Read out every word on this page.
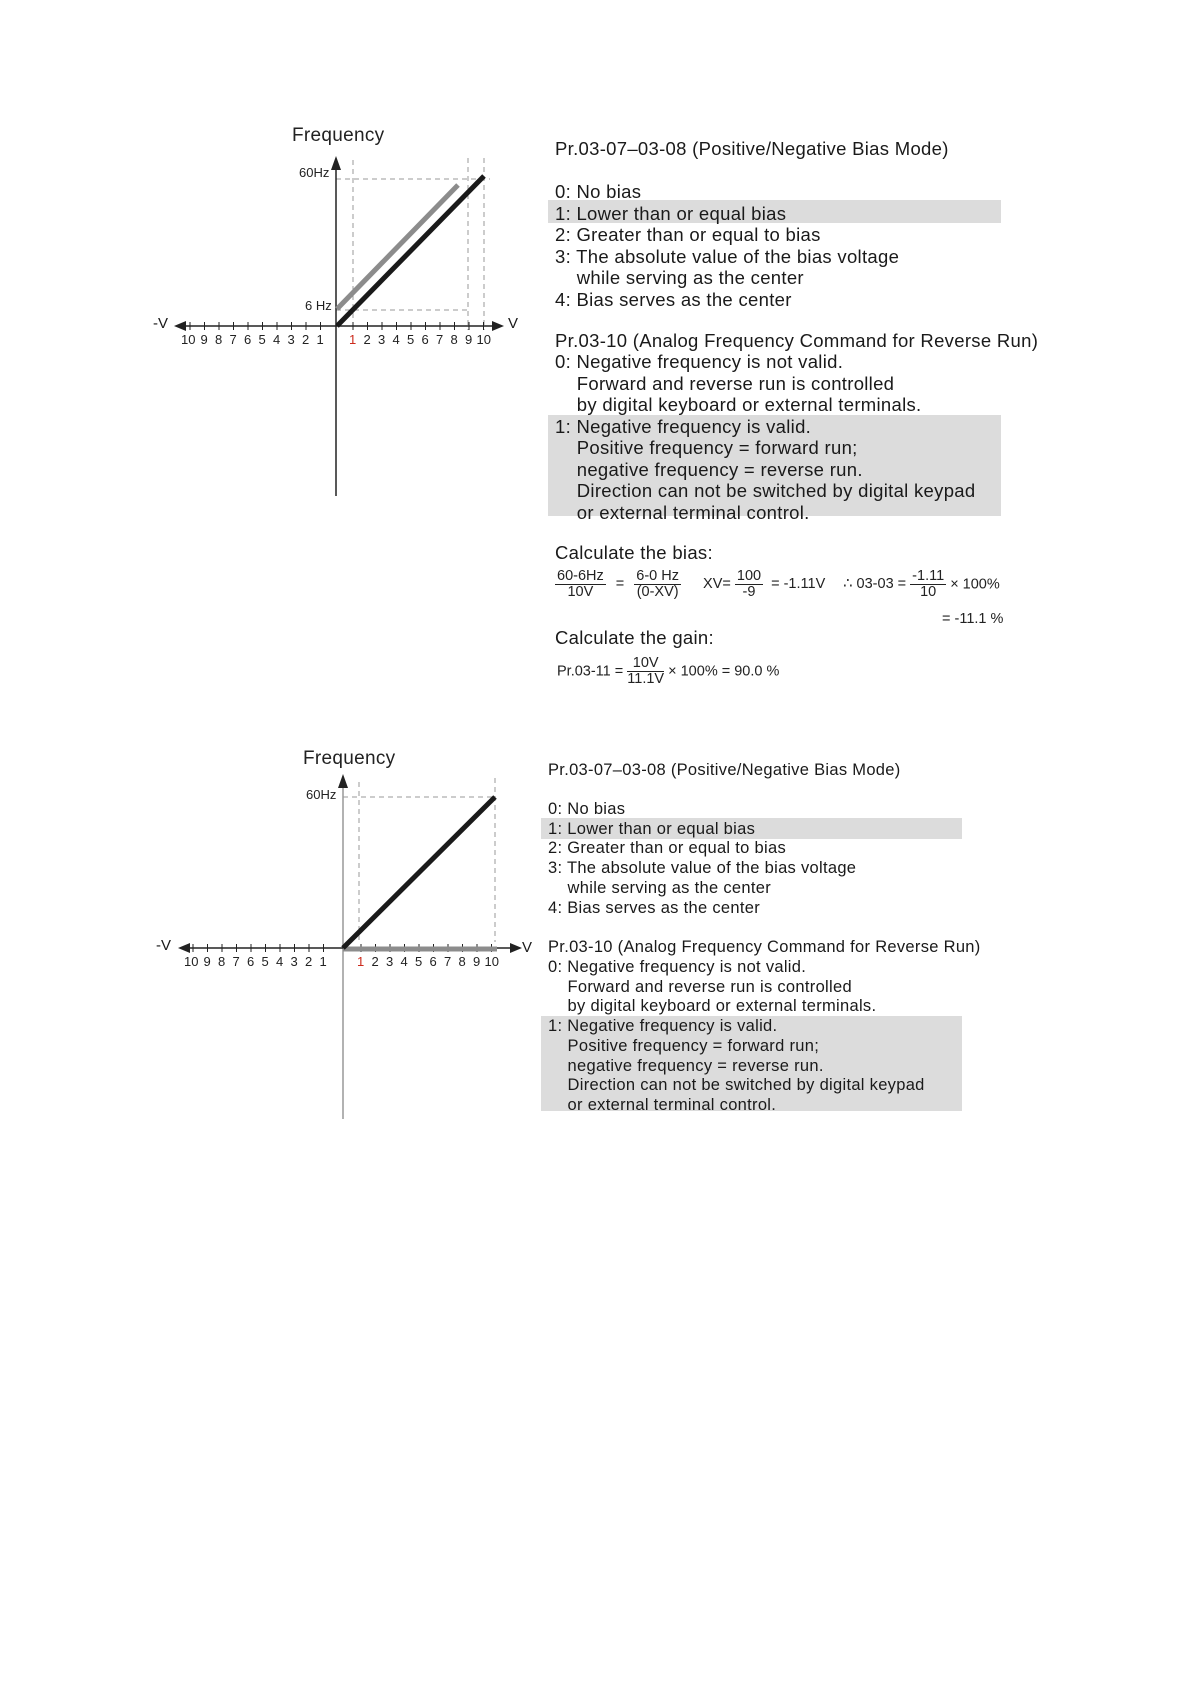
Frequency
60Hz
6 Hz
-V	V
10 9 8 7 6 5 4 3 2 1 1 2 3 4 5 6 7 8 9 10
Pr.03-07–03-08 (Positive/Negative Bias Mode)
0: No bias
1: Lower than or equal bias
2: Greater than or equal to bias
3: The absolute value of the bias voltage
while serving as the center
4: Bias serves as the center
Pr.03-10 (Analog Frequency Command for Reverse Run)
0: Negative frequency is not valid.
Forward and reverse run is controlled
by digital keyboard or external terminals.
1: Negative frequency is valid.
Positive frequency = forward run;
negative frequency = reverse run.
Direction can not be switched by digital keypad
or external terminal control.
Calculate the bias:
$\frac{60-6Hz}{10V} = \frac{6-0 Hz}{(0-XV)} XV= \frac{100}{-9} = -1.11V$ ∴ $03-03 = \frac{-1.11}{10} \times 100\%$
= -11.1 %
Calculate the gain:
$Pr.03-11 = \frac{10V}{11.1V} \times 100\% = 90.0$ %
Frequency
60Hz
-V	V
10 9 8 7 6 5 4 3 2 1 1 2 3 4 5 6 7 8 9 10
Pr.03-07–03-08 (Positive/Negative Bias Mode)
0: No bias
1: Lower than or equal bias
2: Greater than or equal to bias
3: The absolute value of the bias voltage
while serving as the center
4: Bias serves as the center
Pr.03-10 (Analog Frequency Command for Reverse Run)
0: Negative frequency is not valid.
Forward and reverse run is controlled
by digital keyboard or external terminals.
1: Negative frequency is valid.
Positive frequency = forward run;
negative frequency = reverse run.
Direction can not be switched by digital keypad
or external terminal control.
